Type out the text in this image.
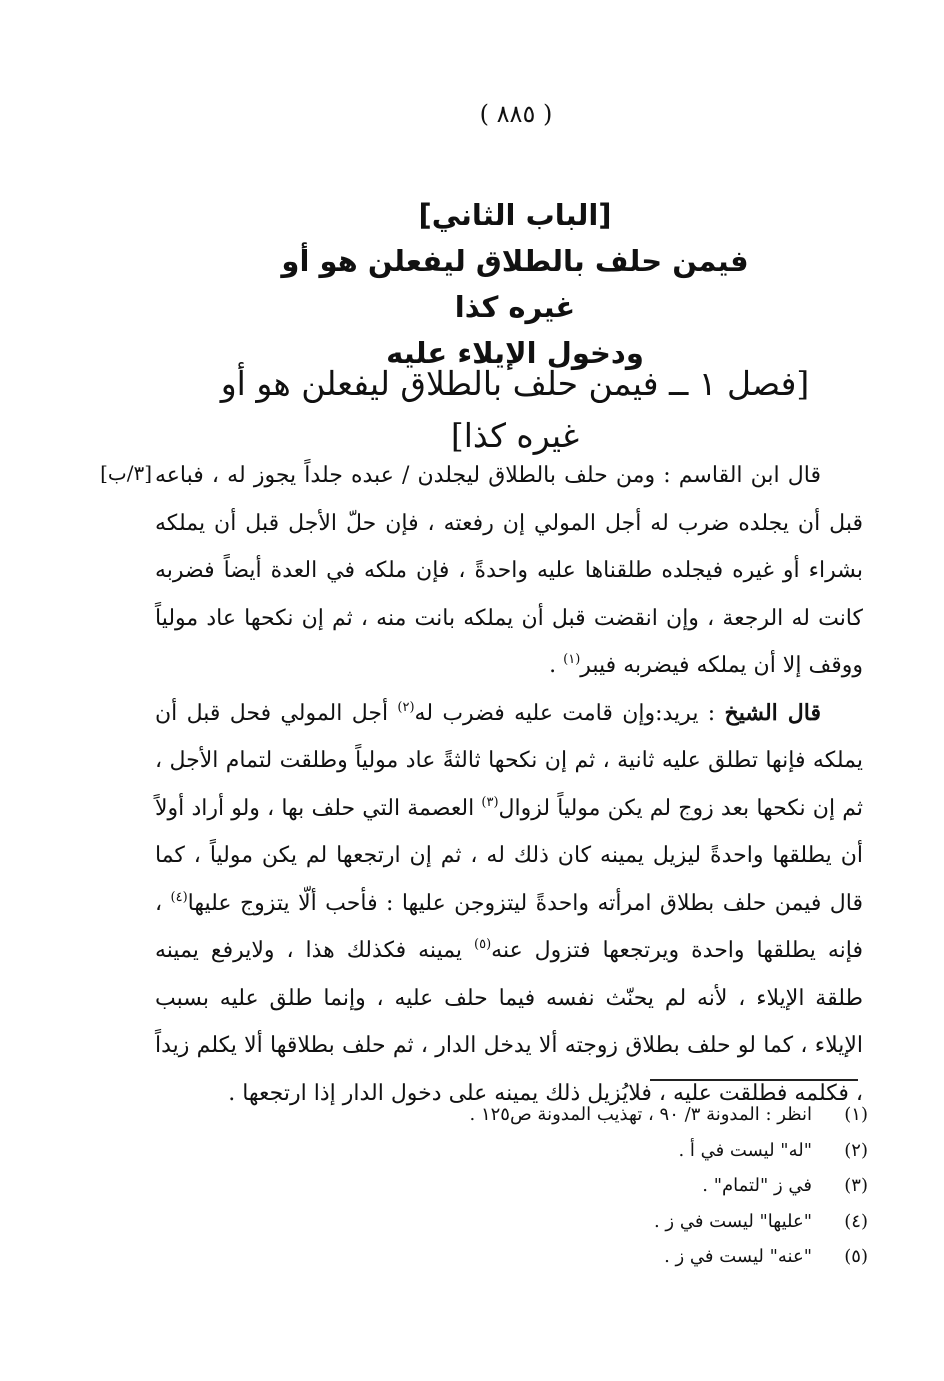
( ٨٨٥ )

[الباب الثاني]

فيمن حلف بالطلاق ليفعلن هو أو غيره كذا

ودخول الإيلاء عليه

[فصل ١ ــ فيمن حلف بالطلاق ليفعلن هو أو غيره كذا]
[٣/ب] قال ابن القاسم : ومن حلف بالطلاق ليجلدن / عبده جلداً يجوز له ، فباعه قبل أن يجلده ضرب له أجل المولي إن رفعته ، فإن حلّ الأجل قبل أن يملكه بشراء أو غيره فيجلده طلقناها عليه واحدةً ، فإن ملكه في العدة أيضاً فضربه كانت له الرجعة ، وإن انقضت قبل أن يملكه بانت منه ، ثم إن نكحها عاد مولياً ووقف إلا أن يملكه فيضربه فيبر$^{(١)}$ .

قال الشيخ : يريد:وإن قامت عليه فضرب له$^{(٢)}$ أجل المولي فحل قبل أن يملكه فإنها تطلق عليه ثانية ، ثم إن نكحها ثالثةً عاد مولياً وطلقت لتمام الأجل ، ثم إن نكحها بعد زوج لم يكن مولياً لزوال$^{(٣)}$ العصمة التي حلف بها ، ولو أراد أولاً أن يطلقها واحدةً ليزيل يمينه كان ذلك له ، ثم إن ارتجعها لم يكن مولياً ، كما قال فيمن حلف بطلاق امرأته واحدةً ليتزوجن عليها : فأحب ألّا يتزوج عليها$^{(٤)}$ ، فإنه يطلقها واحدة ويرتجعها فتزول عنه$^{(٥)}$ يمينه فكذلك هذا ، ولايرفع يمينه طلقة الإيلاء ، لأنه لم يحنّث نفسه فيما حلف عليه ، وإنما طلق عليه بسبب الإيلاء ، كما لو حلف بطلاق زوجته ألا يدخل الدار ، ثم حلف بطلاقها ألا يكلم زيداً ، فكلمه فطلقت عليه ، فلايُزيل ذلك يمينه على دخول الدار إذا ارتجعها .

(١)
انظر : المدونة ٣/ ٩٠ ، تهذيب المدونة ص١٢٥ .
(٢)
"له" ليست في أ .
(٣)
في ز "لتمام" .
(٤)
"عليها" ليست في ز .
(٥)
"عنه" ليست في ز .
